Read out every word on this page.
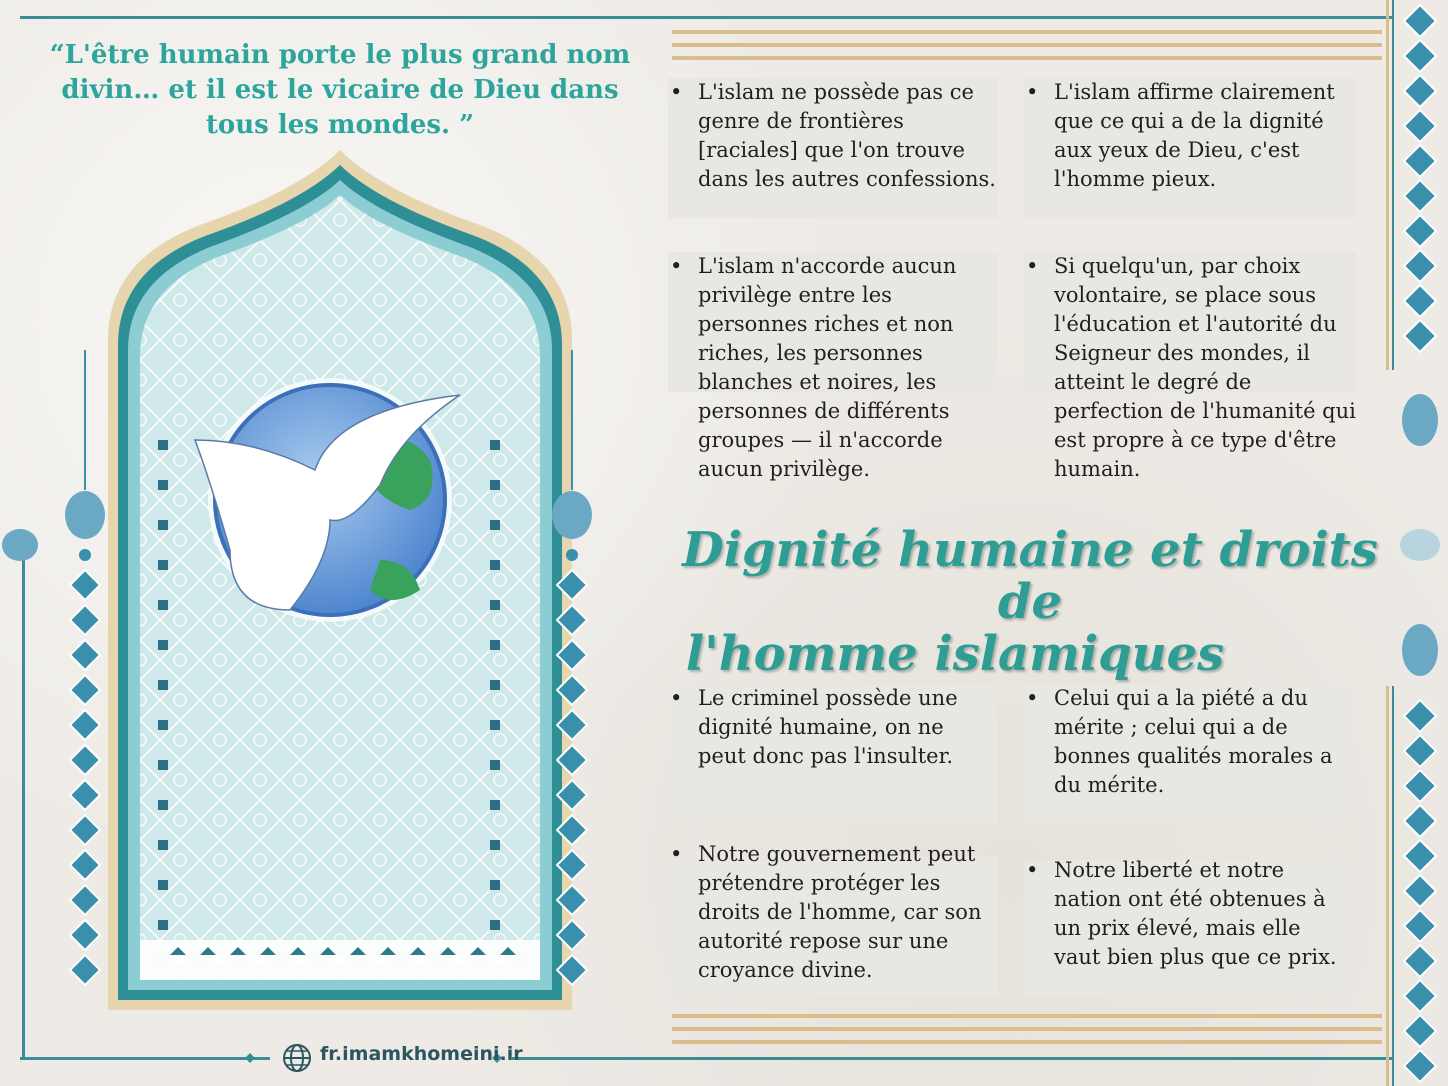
“L'être humain porte le plus grand nom divin… et il est le vicaire de Dieu dans tous les mondes. ”
• L'islam ne possède pas ce genre de frontières [raciales] que l'on trouve dans les autres confessions.
• L'islam affirme clairement que ce qui a de la dignité aux yeux de Dieu, c'est l'homme pieux.
• L'islam n'accorde aucun privilège entre les personnes riches et non riches, les personnes blanches et noires, les personnes de différents groupes — il n'accorde aucun privilège.
• Si quelqu'un, par choix volontaire, se place sous l'éducation et l'autorité du Seigneur des mondes, il atteint le degré de perfection de l'humanité qui est propre à ce type d'être humain.
• Le criminel possède une dignité humaine, on ne peut donc pas l'insulter.
• Celui qui a la piété a du mérite ; celui qui a de bonnes qualités morales a du mérite.
• Notre gouvernement peut prétendre protéger les droits de l'homme, car son autorité repose sur une croyance divine.
• Notre liberté et notre nation ont été obtenues à un prix élevé, mais elle vaut bien plus que ce prix.
Dignité humaine et droits de
l'homme islamiques
fr.imamkhomeini.ir
